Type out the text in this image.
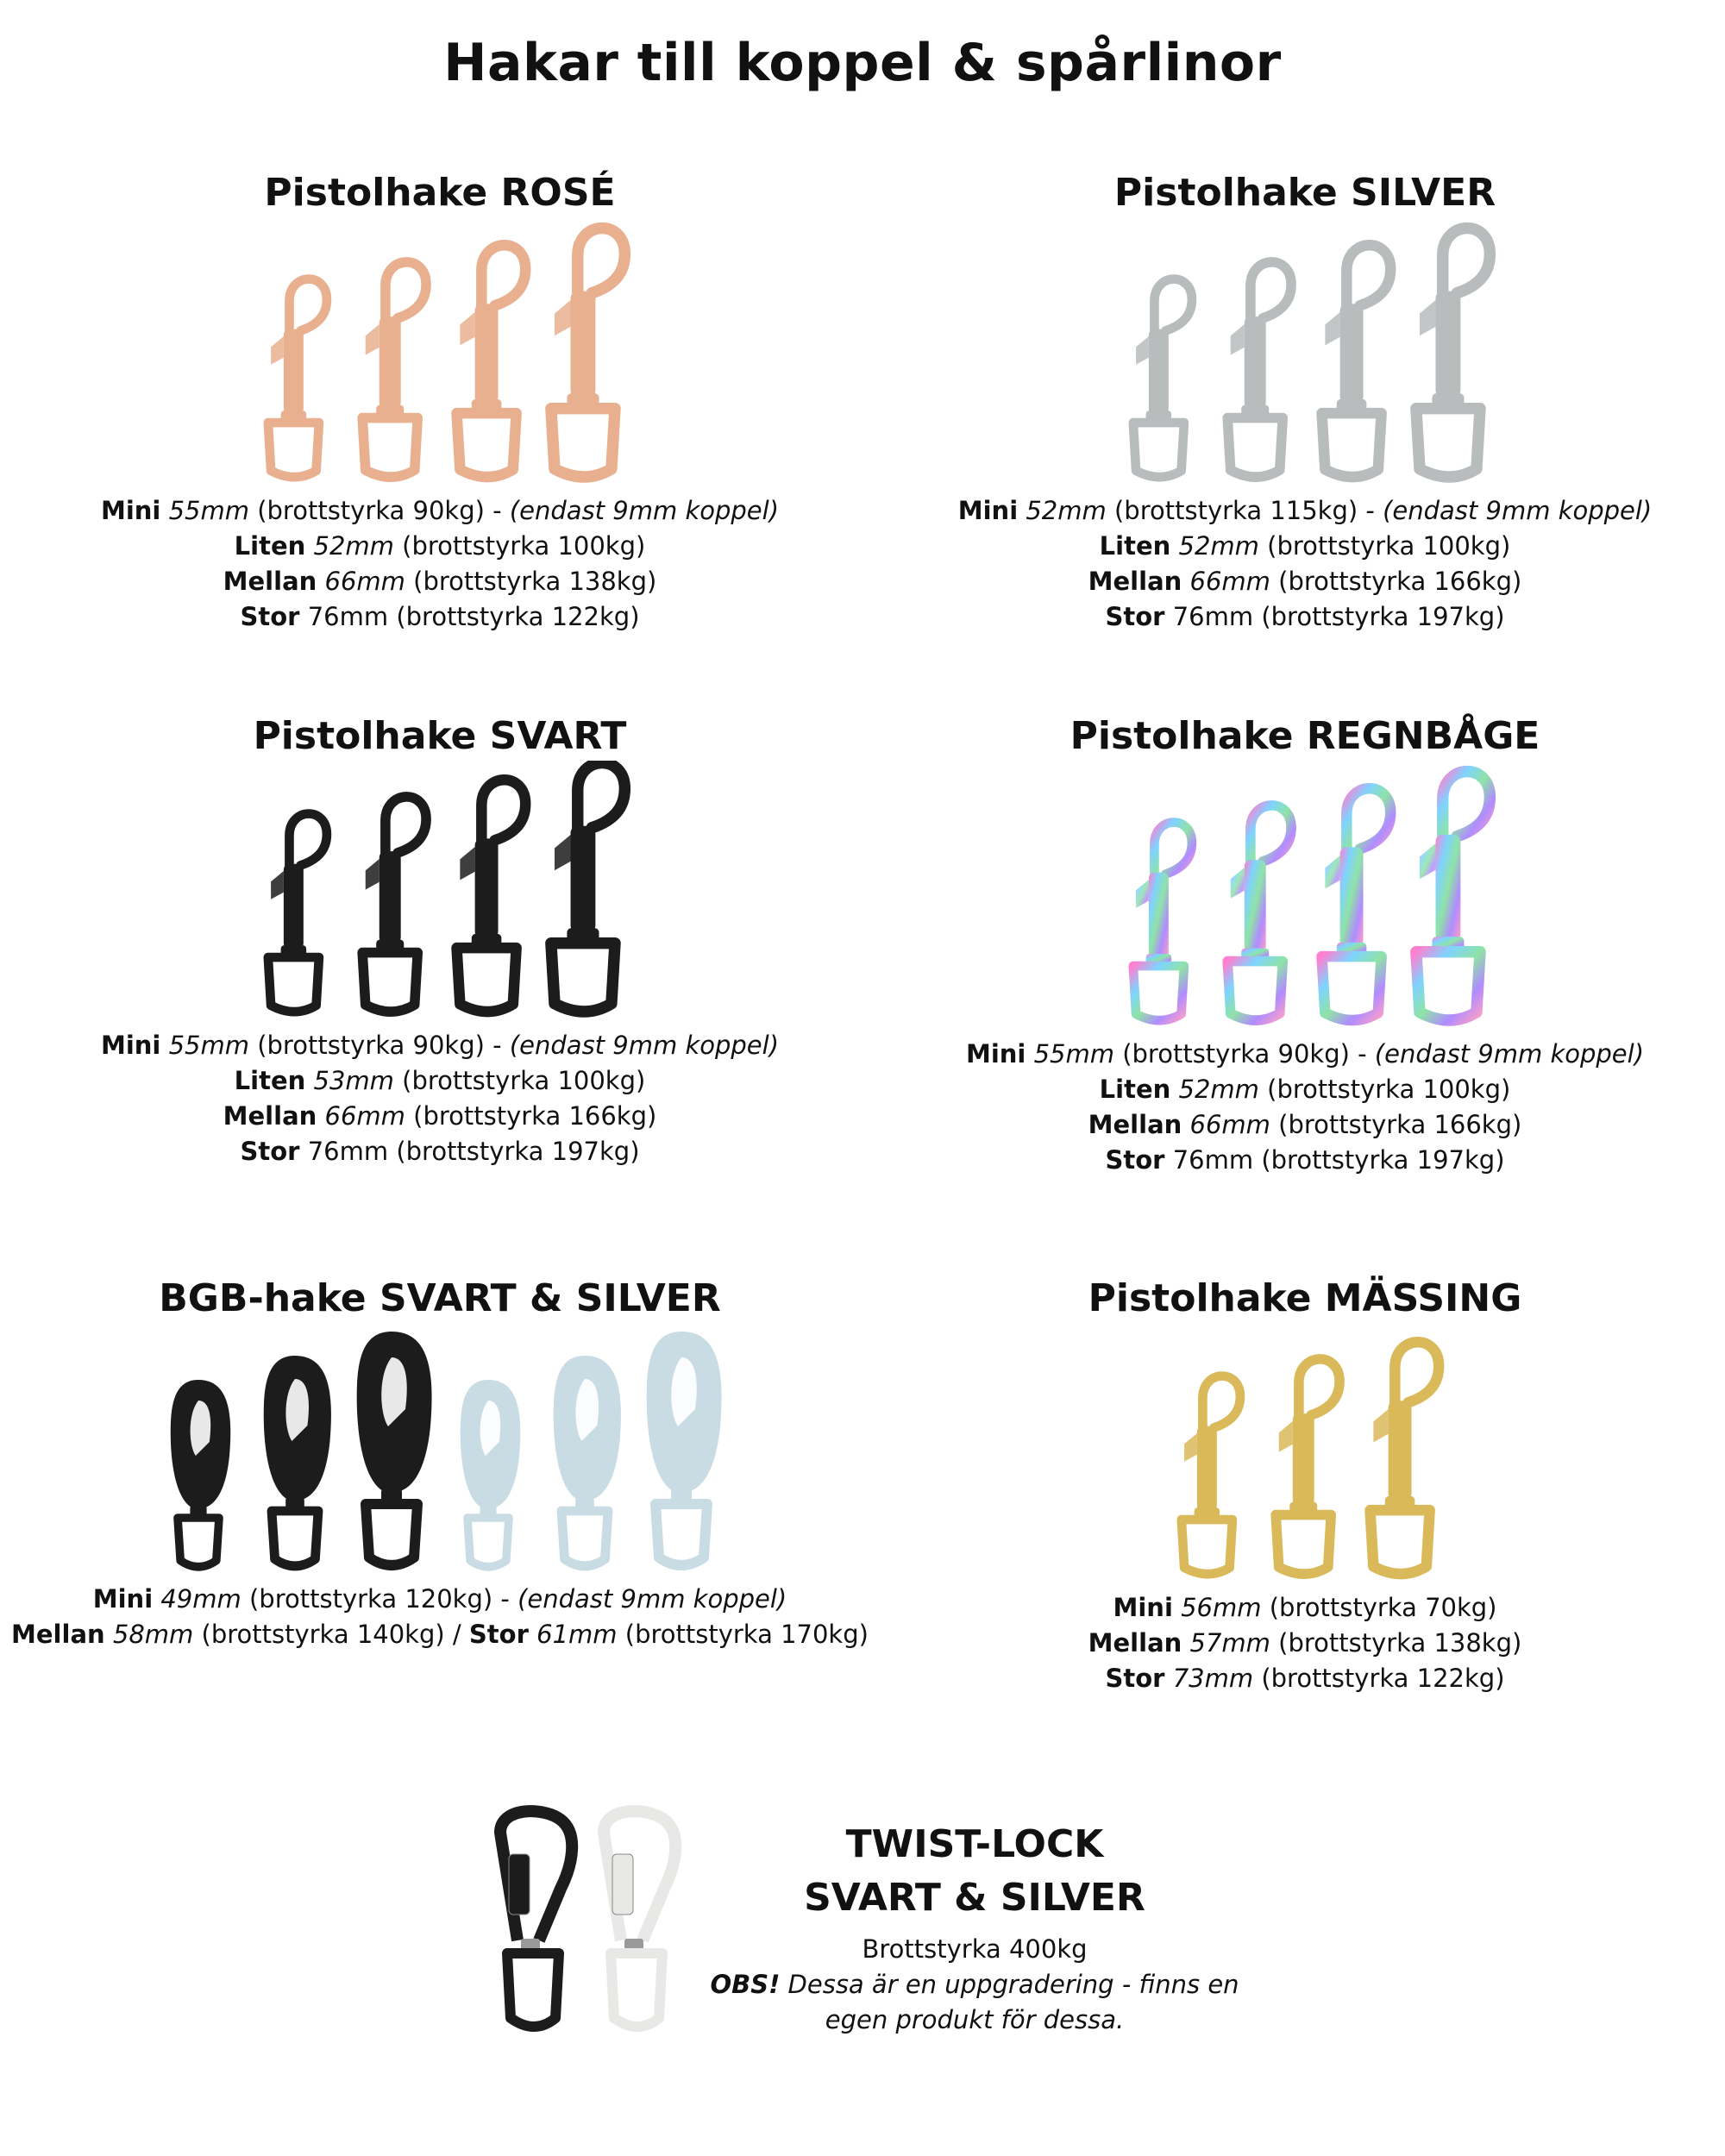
Hakar till koppel & spårlinor
Pistolhake ROSÉ
Mini 55mm (brottstyrka 90kg) - (endast 9mm koppel)
Liten 52mm (brottstyrka 100kg)
Mellan 66mm (brottstyrka 138kg)
Stor 76mm (brottstyrka 122kg)
Pistolhake SILVER
Mini 52mm (brottstyrka 115kg) - (endast 9mm koppel)
Liten 52mm (brottstyrka 100kg)
Mellan 66mm (brottstyrka 166kg)
Stor 76mm (brottstyrka 197kg)
Pistolhake SVART
Mini 55mm (brottstyrka 90kg) - (endast 9mm koppel)
Liten 53mm (brottstyrka 100kg)
Mellan 66mm (brottstyrka 166kg)
Stor 76mm (brottstyrka 197kg)
Pistolhake REGNBÅGE
Mini 55mm (brottstyrka 90kg) - (endast 9mm koppel)
Liten 52mm (brottstyrka 100kg)
Mellan 66mm (brottstyrka 166kg)
Stor 76mm (brottstyrka 197kg)
BGB-hake SVART & SILVER
Mini 49mm (brottstyrka 120kg) - (endast 9mm koppel)
Mellan 58mm (brottstyrka 140kg) / Stor 61mm (brottstyrka 170kg)
Pistolhake MÄSSING
Mini 56mm (brottstyrka 70kg)
Mellan 57mm (brottstyrka 138kg)
Stor 73mm (brottstyrka 122kg)
TWIST-LOCK
SVART & SILVER
Brottstyrka 400kg
OBS! Dessa är en uppgradering - finns en egen produkt för dessa.
